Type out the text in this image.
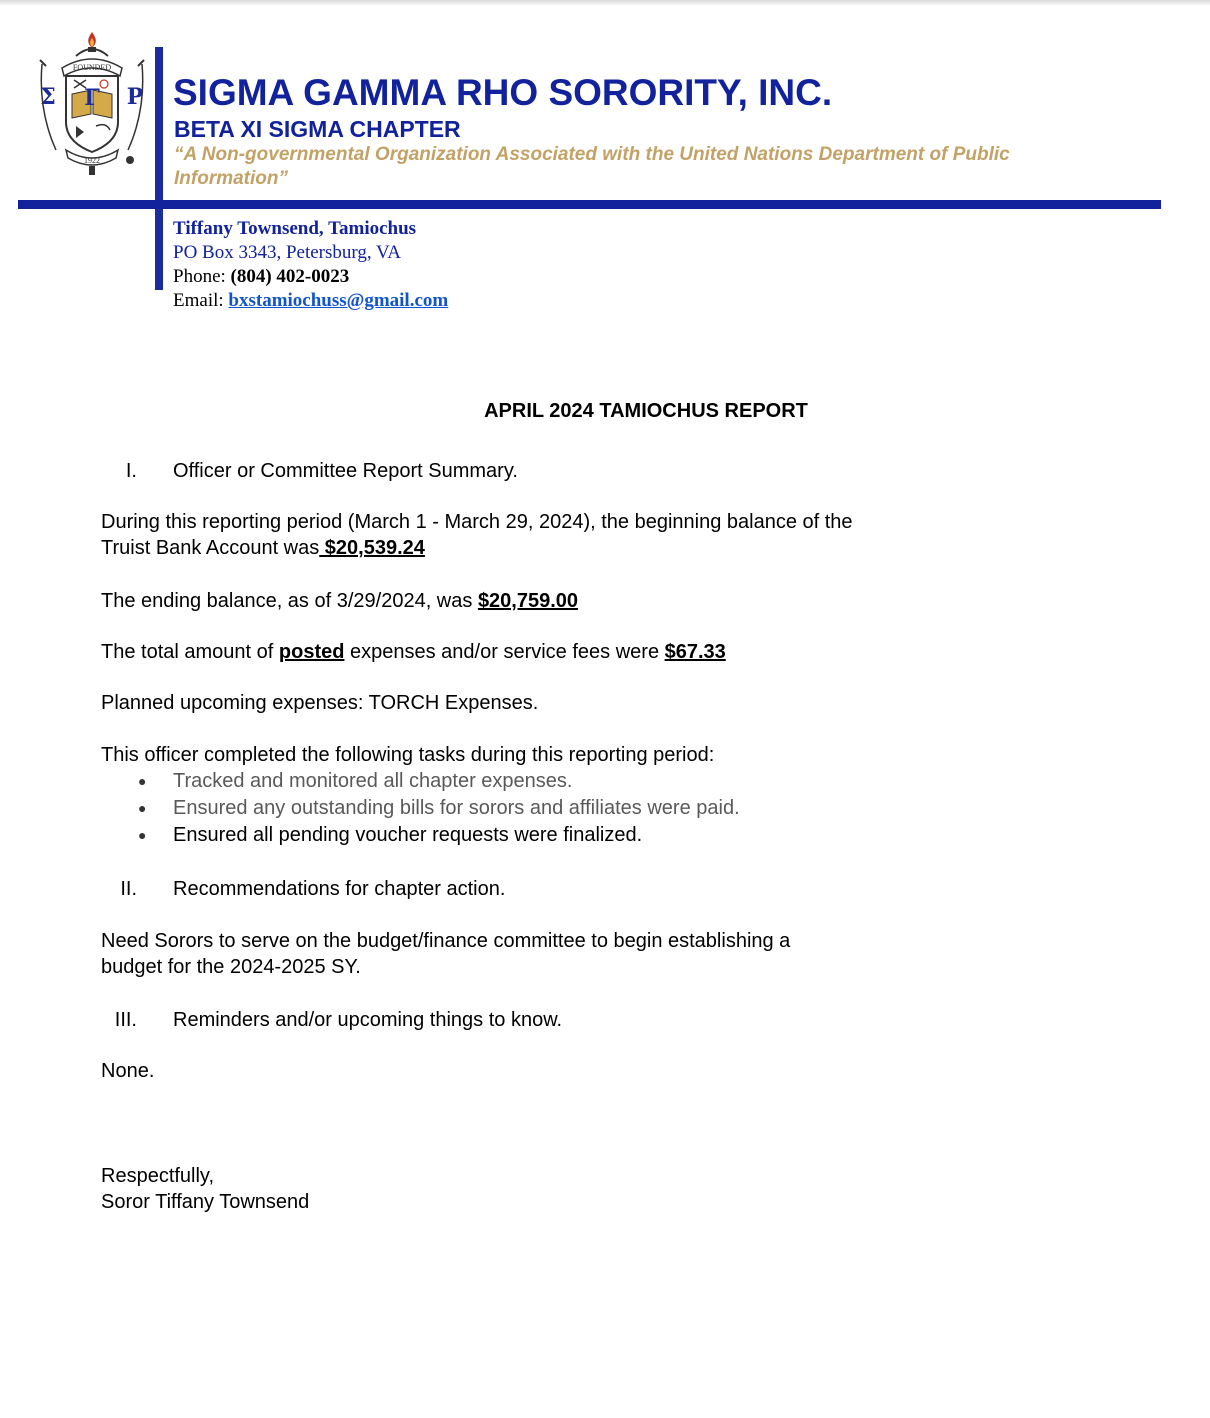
FOUNDED
Σ Γ Ρ
1922
SIGMA GAMMA RHO SORORITY, INC.
BETA XI SIGMA CHAPTER

“A Non-governmental Organization Associated with the United Nations Department of Public Information”

Tiffany Townsend, Tamiochus
PO Box 3343, Petersburg, VA
Phone: (804) 402-0023
Email: bxstamiochuss@gmail.com
APRIL 2024 TAMIOCHUS REPORT
I. Officer or Committee Report Summary.

During this reporting period (March 1 - March 29, 2024), the beginning balance of the
Truist Bank Account was $20,539.24

The ending balance, as of 3/29/2024, was $20,759.00

The total amount of posted expenses and/or service fees were $67.33

Planned upcoming expenses: TORCH Expenses.

This officer completed the following tasks during this reporting period:

● Tracked and monitored all chapter expenses.
● Ensured any outstanding bills for sorors and affiliates were paid.
● Ensured all pending voucher requests were finalized.
II. Recommendations for chapter action.

Need Sorors to serve on the budget/finance committee to begin establishing a
budget for the 2024-2025 SY.

III. Reminders and/or upcoming things to know.

None.

Respectfully,
Soror Tiffany Townsend
